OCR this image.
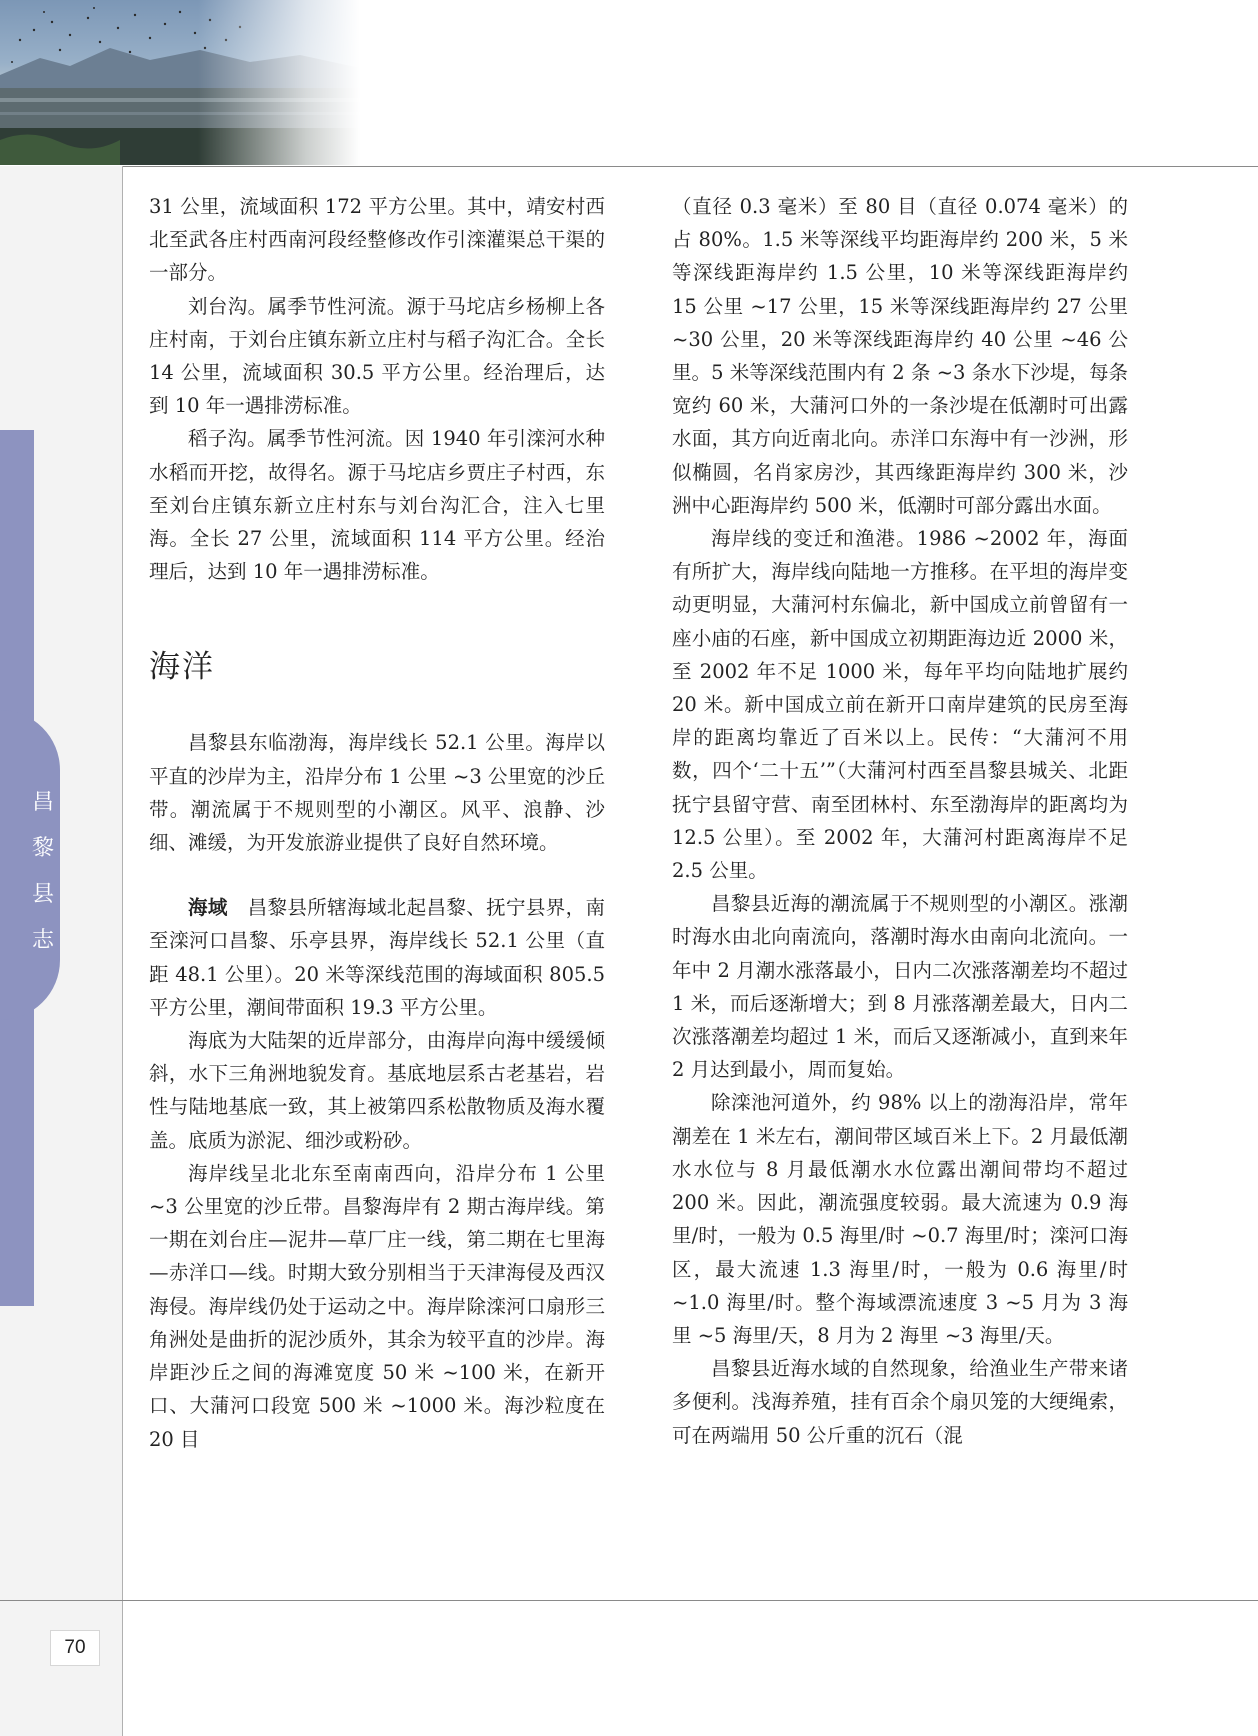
昌黎县志

31 公里，流域面积 172 平方公里。其中，靖安村西北至武各庄村西南河段经整修改作引滦灌渠总干渠的一部分。

刘台沟。属季节性河流。源于马坨店乡杨柳上各庄村南，于刘台庄镇东新立庄村与稻子沟汇合。全长 14 公里，流域面积 30.5 平方公里。经治理后，达到 10 年一遇排涝标准。

稻子沟。属季节性河流。因 1940 年引滦河水种水稻而开挖，故得名。源于马坨店乡贾庄子村西，东至刘台庄镇东新立庄村东与刘台沟汇合，注入七里海。全长 27 公里，流域面积 114 平方公里。经治理后，达到 10 年一遇排涝标准。

海洋

昌黎县东临渤海，海岸线长 52.1 公里。海岸以平直的沙岸为主，沿岸分布 1 公里 ~3 公里宽的沙丘带。潮流属于不规则型的小潮区。风平、浪静、沙细、滩缓，为开发旅游业提供了良好自然环境。

海域　昌黎县所辖海域北起昌黎、抚宁县界，南至滦河口昌黎、乐亭县界，海岸线长 52.1 公里（直距 48.1 公里）。20 米等深线范围的海域面积 805.5 平方公里，潮间带面积 19.3 平方公里。

海底为大陆架的近岸部分，由海岸向海中缓缓倾斜，水下三角洲地貌发育。基底地层系古老基岩，岩性与陆地基底一致，其上被第四系松散物质及海水覆盖。底质为淤泥、细沙或粉砂。

海岸线呈北北东至南南西向，沿岸分布 1 公里 ~3 公里宽的沙丘带。昌黎海岸有 2 期古海岸线。第一期在刘台庄—泥井—草厂庄一线，第二期在七里海—赤洋口—线。时期大致分别相当于天津海侵及西汉海侵。海岸线仍处于运动之中。海岸除滦河口扇形三角洲处是曲折的泥沙质外，其余为较平直的沙岸。海岸距沙丘之间的海滩宽度 50 米 ~100 米，在新开口、大蒲河口段宽 500 米 ~1000 米。海沙粒度在 20 目

（直径 0.3 毫米）至 80 目（直径 0.074 毫米）的占 80%。1.5 米等深线平均距海岸约 200 米，5 米等深线距海岸约 1.5 公里，10 米等深线距海岸约 15 公里 ~17 公里，15 米等深线距海岸约 27 公里 ~30 公里，20 米等深线距海岸约 40 公里 ~46 公里。5 米等深线范围内有 2 条 ~3 条水下沙堤，每条宽约 60 米，大蒲河口外的一条沙堤在低潮时可出露水面，其方向近南北向。赤洋口东海中有一沙洲，形似椭圆，名肖家房沙，其西缘距海岸约 300 米，沙洲中心距海岸约 500 米，低潮时可部分露出水面。

海岸线的变迁和渔港。1986 ~2002 年，海面有所扩大，海岸线向陆地一方推移。在平坦的海岸变动更明显，大蒲河村东偏北，新中国成立前曾留有一座小庙的石座，新中国成立初期距海边近 2000 米，至 2002 年不足 1000 米，每年平均向陆地扩展约 20 米。新中国成立前在新开口南岸建筑的民房至海岸的距离均靠近了百米以上。民传：“大蒲河不用数，四个‘二十五’”（大蒲河村西至昌黎县城关、北距抚宁县留守营、南至团林村、东至渤海岸的距离均为 12.5 公里）。至 2002 年，大蒲河村距离海岸不足 2.5 公里。

昌黎县近海的潮流属于不规则型的小潮区。涨潮时海水由北向南流向，落潮时海水由南向北流向。一年中 2 月潮水涨落最小，日内二次涨落潮差均不超过 1 米，而后逐渐增大；到 8 月涨落潮差最大，日内二次涨落潮差均超过 1 米，而后又逐渐减小，直到来年 2 月达到最小，周而复始。

除滦池河道外，约 98% 以上的渤海沿岸，常年潮差在 1 米左右，潮间带区域百米上下。2 月最低潮水水位与 8 月最低潮水水位露出潮间带均不超过 200 米。因此，潮流强度较弱。最大流速为 0.9 海里/时，一般为 0.5 海里/时 ~0.7 海里/时；滦河口海区，最大流速 1.3 海里/时，一般为 0.6 海里/时 ~1.0 海里/时。整个海域漂流速度 3 ~5 月为 3 海里 ~5 海里/天，8 月为 2 海里 ~3 海里/天。

昌黎县近海水域的自然现象，给渔业生产带来诸多便利。浅海养殖，挂有百余个扇贝笼的大绠绳索，可在两端用 50 公斤重的沉石（混

70
